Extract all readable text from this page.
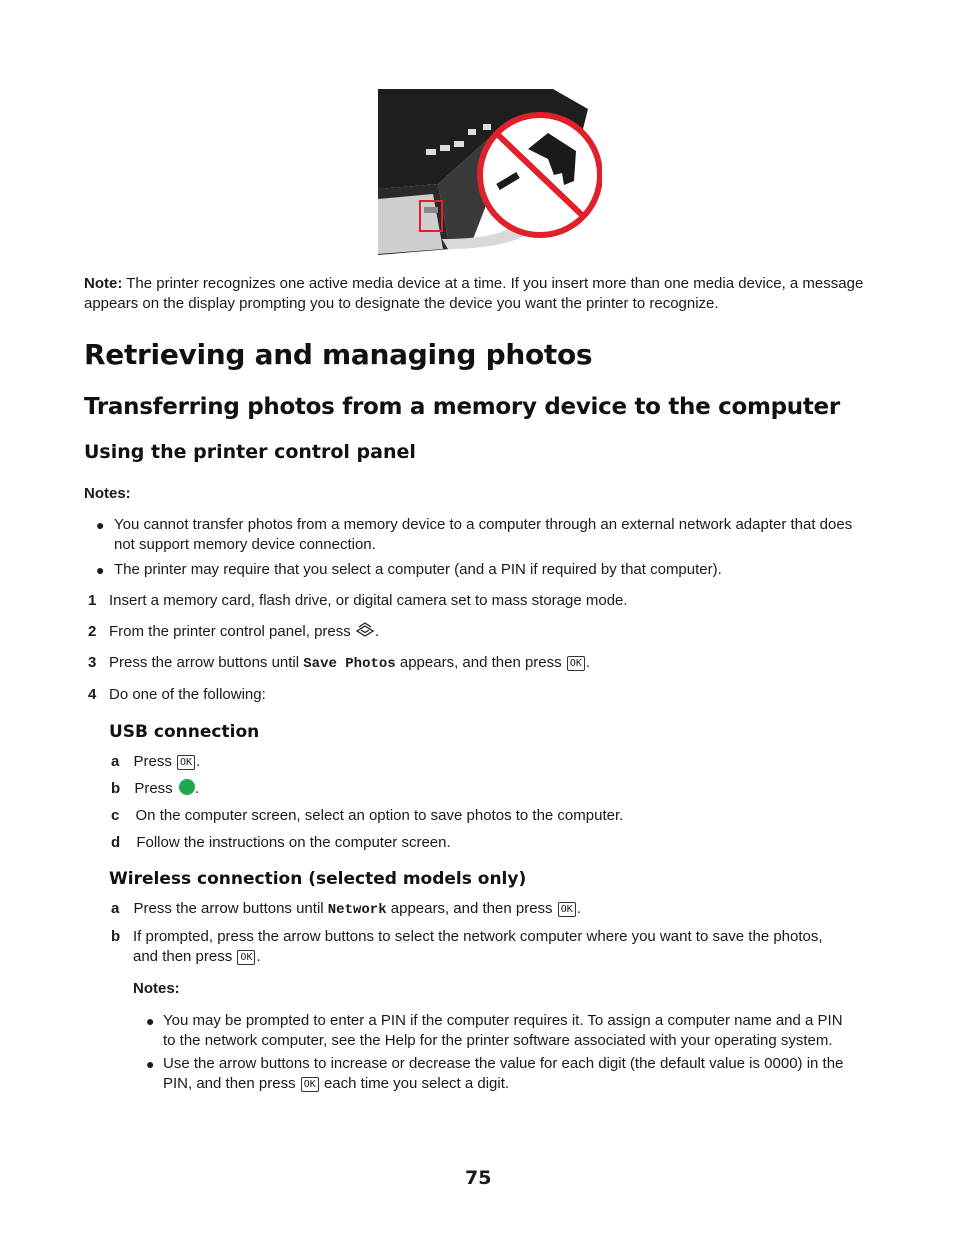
Note: The printer recognizes one active media device at a time. If you insert more than one media device, a message
appears on the display prompting you to designate the device you want the printer to recognize.
Retrieving and managing photos
Transferring photos from a memory device to the computer
Using the printer control panel
Notes:
● You cannot transfer photos from a memory device to a computer through an external network adapter that does
not support memory device connection.
● The printer may require that you select a computer (and a PIN if required by that computer).
1 Insert a memory card, flash drive, or digital camera set to mass storage mode.
2 From the printer control panel, press .
3 Press the arrow buttons until Save Photos appears, and then press OK .
4 Do one of the following:
USB connection
a Press OK .
b Press .
c On the computer screen, select an option to save photos to the computer.
d Follow the instructions on the computer screen.
Wireless connection (selected models only)
a Press the arrow buttons until Network appears, and then press OK .
b If prompted, press the arrow buttons to select the network computer where you want to save the photos,
and then press OK .
Notes:
● You may be prompted to enter a PIN if the computer requires it. To assign a computer name and a PIN
to the network computer, see the Help for the printer software associated with your operating system.
● Use the arrow buttons to increase or decrease the value for each digit (the default value is 0000) in the
PIN, and then press OK each time you select a digit.
75
